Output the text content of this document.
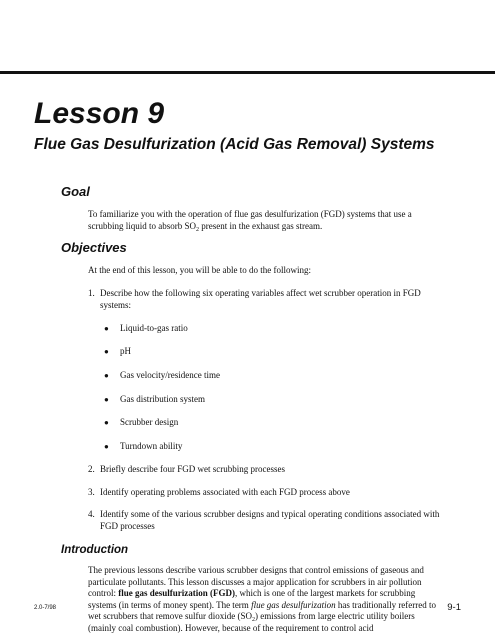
Lesson 9
Flue Gas Desulfurization (Acid Gas Removal) Systems
Goal

To familiarize you with the operation of flue gas desulfurization (FGD) systems that use a scrubbing liquid to absorb $SO_2$ present in the exhaust gas stream.

Objectives

At the end of this lesson, you will be able to do the following:

1. Describe how the following six operating variables affect wet scrubber operation in FGD systems:
●	Liquid-to-gas ratio
●	pH
●	Gas velocity/residence time
●	Gas distribution system
●	Scrubber design
●	Turndown ability
2. Briefly describe four FGD wet scrubbing processes
3. Identify operating problems associated with each FGD process above
4. Identify some of the various scrubber designs and typical operating conditions associated with FGD processes
Introduction

The previous lessons describe various scrubber designs that control emissions of gaseous and particulate pollutants. This lesson discusses a major application for scrubbers in air pollution control: flue gas desulfurization (FGD), which is one of the largest markets for scrubbing systems (in terms of money spent). The term flue gas desulfurization has traditionally referred to wet scrubbers that remove sulfur dioxide $(SO_2)$ emissions from large electric utility boilers (mainly coal combustion). However, because of the requirement to control acid

2.0-7/98	9-1
